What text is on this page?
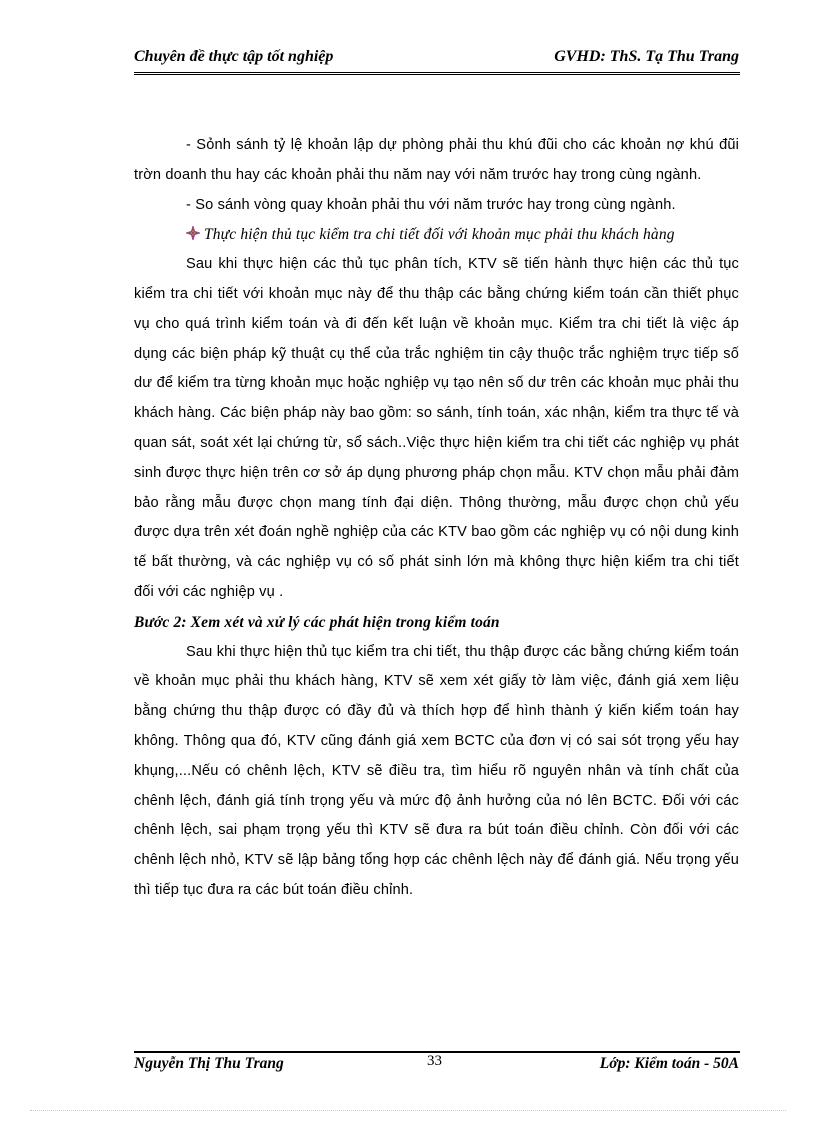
Chuyên đề thực tập tốt nghiệp	GVHD: ThS. Tạ Thu Trang

- Sỏnh sánh tỷ lệ khoản lập dự phòng phải thu khú đũi cho các khoản nợ khú đũi trờn doanh thu hay các khoản phải thu năm nay với năm trước hay trong cùng ngành.

- So sánh vòng quay khoản phải thu với năm trước hay trong cùng ngành.

Thực hiện thủ tục kiểm tra chi tiết đối với khoản mục phải thu khách hàng

Sau khi thực hiện các thủ tục phân tích, KTV sẽ tiến hành thực hiện các thủ tục kiểm tra chi tiết với khoản mục này để thu thập các bằng chứng kiểm toán cần thiết phục vụ cho quá trình kiểm toán và đi đến kết luận về khoản mục. Kiểm tra chi tiết là việc áp dụng các biện pháp kỹ thuật cụ thể của trắc nghiệm tin cậy thuộc trắc nghiệm trực tiếp số dư để kiểm tra từng khoản mục hoặc nghiệp vụ tạo nên số dư trên các khoản mục phải thu khách hàng. Các biện pháp này bao gồm: so sánh, tính toán, xác nhận, kiểm tra thực tế và quan sát, soát xét lại chứng từ, sổ sách..Việc thực hiện kiểm tra chi tiết các nghiệp vụ phát sinh được thực hiện trên cơ sở áp dụng phương pháp chọn mẫu. KTV chọn mẫu phải đảm bảo rằng mẫu được chọn mang tính đại diện. Thông thường, mẫu được chọn chủ yếu được dựa trên xét đoán nghề nghiệp của các KTV bao gồm các nghiệp vụ có nội dung kinh tế bất thường, và các nghiệp vụ có số phát sinh lớn mà không thực hiện kiểm tra chi tiết đối với các nghiệp vụ .

Bước 2: Xem xét và xử lý các phát hiện trong kiểm toán

Sau khi thực hiện thủ tục kiểm tra chi tiết, thu thập được các bằng chứng kiểm toán về khoản mục phải thu khách hàng, KTV sẽ xem xét giấy tờ làm việc, đánh giá xem liệu bằng chứng thu thập được có đầy đủ và thích hợp để hình thành ý kiến kiểm toán hay không. Thông qua đó, KTV cũng đánh giá xem BCTC của đơn vị có sai sót trọng yếu hay khụng,...Nếu có chênh lệch, KTV sẽ điều tra, tìm hiểu rõ nguyên nhân và tính chất của chênh lệch, đánh giá tính trọng yếu và mức độ ảnh hưởng của nó lên BCTC. Đối với các chênh lệch, sai phạm trọng yếu thì KTV sẽ đưa ra bút toán điều chỉnh. Còn đối với các chênh lệch nhỏ, KTV sẽ lập bảng tổng hợp các chênh lệch này để đánh giá. Nếu trọng yếu thì tiếp tục đưa ra các bút toán điều chỉnh.

Nguyễn Thị Thu Trang	33	Lớp: Kiểm toán - 50A
